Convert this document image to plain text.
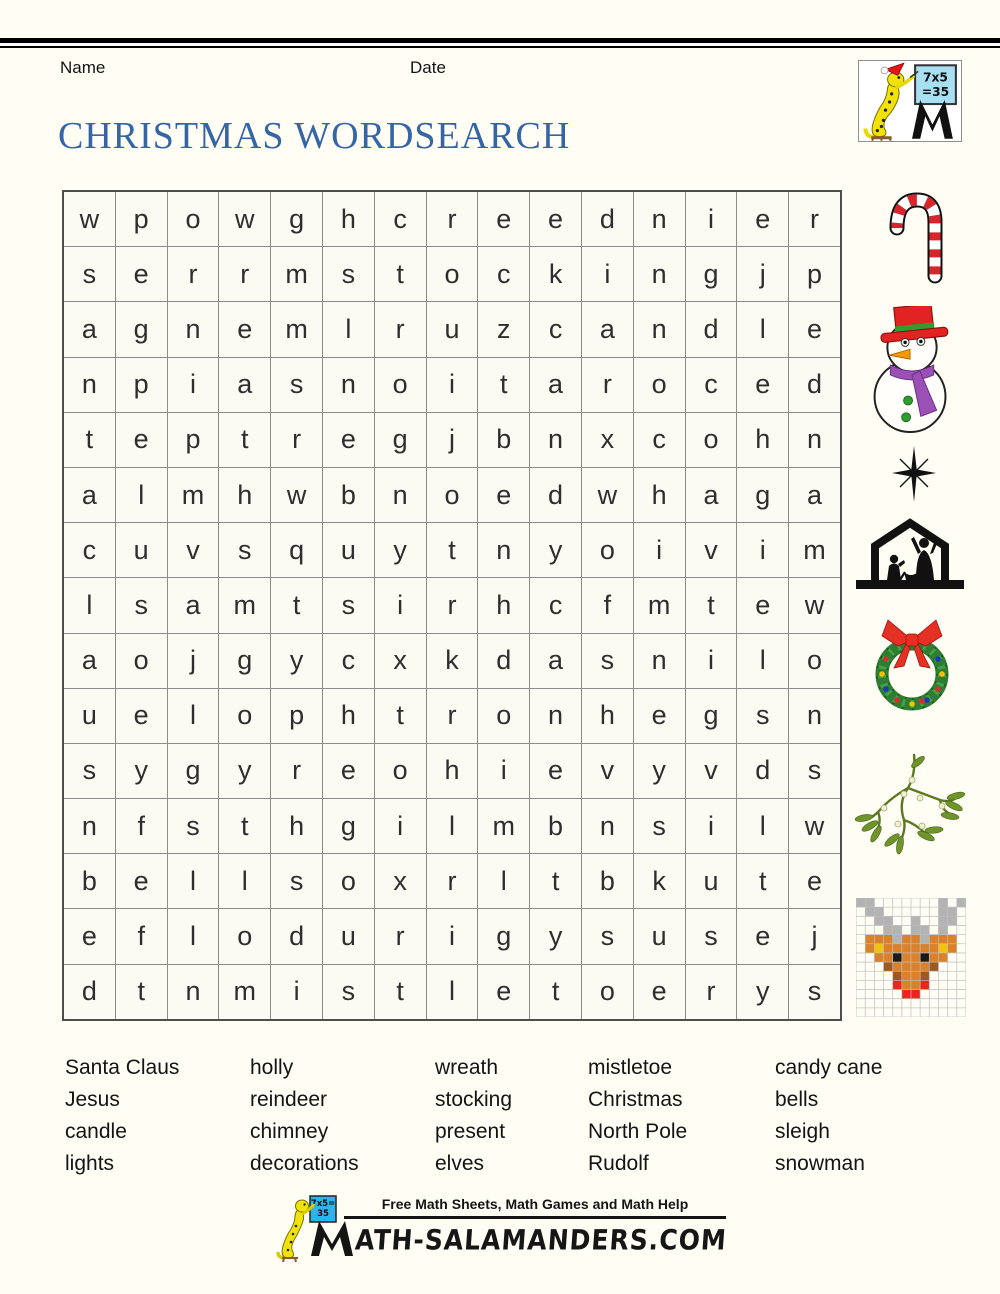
Name	Date
7x5
=35
CHRISTMAS WORDSEARCH
w	p	o	w	g	h	c	r	e	e	d	n	i	e	r
s	e	r	r	m	s	t	o	c	k	i	n	g	j	p
a	g	n	e	m	l	r	u	z	c	a	n	d	l	e
n	p	i	a	s	n	o	i	t	a	r	o	c	e	d
t	e	p	t	r	e	g	j	b	n	x	c	o	h	n
a	l	m	h	w	b	n	o	e	d	w	h	a	g	a
c	u	v	s	q	u	y	t	n	y	o	i	v	i	m
l	s	a	m	t	s	i	r	h	c	f	m	t	e	w
a	o	j	g	y	c	x	k	d	a	s	n	i	l	o
u	e	l	o	p	h	t	r	o	n	h	e	g	s	n
s	y	g	y	r	e	o	h	i	e	v	y	v	d	s
n	f	s	t	h	g	i	l	m	b	n	s	i	l	w
b	e	l	l	s	o	x	r	l	t	b	k	u	t	e
e	f	l	o	d	u	r	i	g	y	s	u	s	e	j
d	t	n	m	i	s	t	l	e	t	o	e	r	y	s
Santa Claus
Jesus
candle
lights
holly
reindeer
chimney
decorations
wreath
stocking
present
elves
mistletoe
Christmas
North Pole
Rudolf
candy cane
bells
sleigh
snowman
7x5=
35
Free Math Sheets, Math Games and Math Help
ATH-SALAMANDERS.COM
